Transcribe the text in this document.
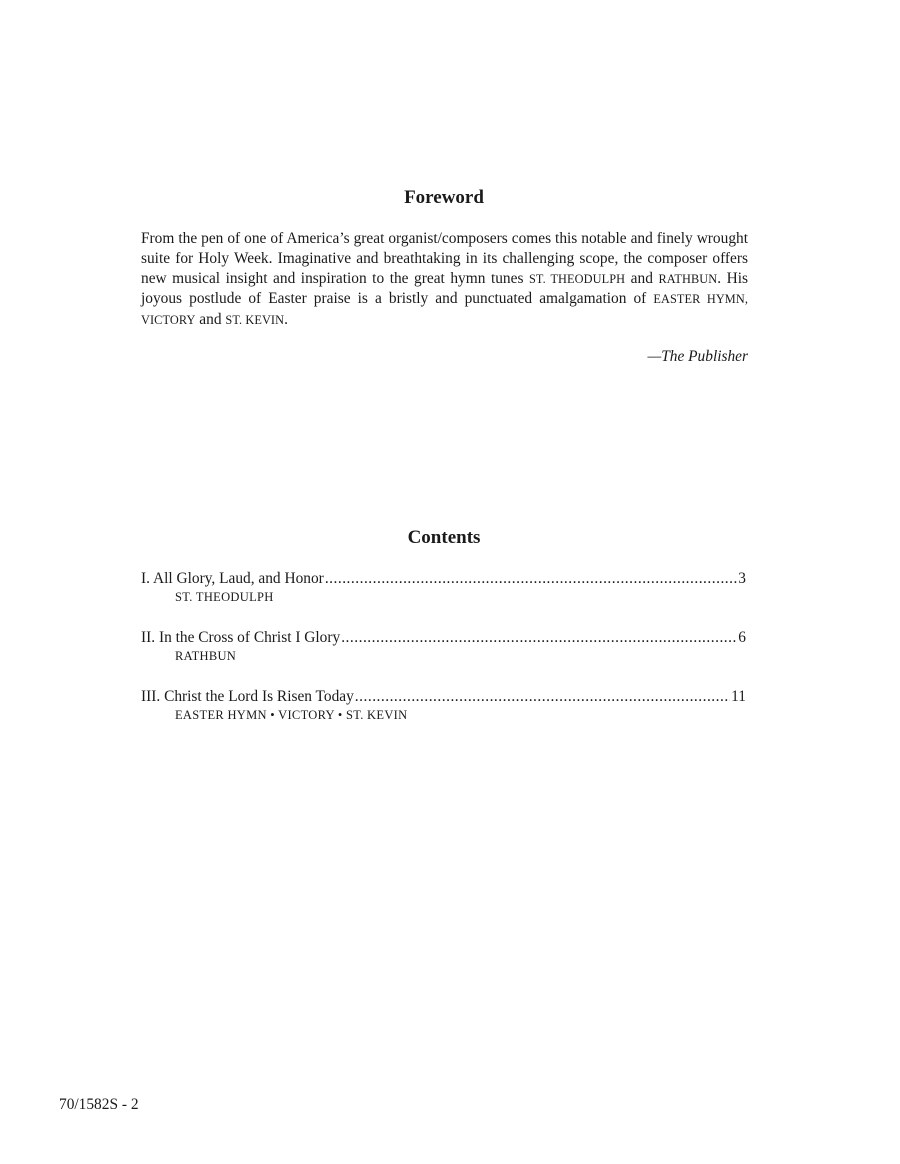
Foreword

From the pen of one of America’s great organist/composers comes this notable and finely wrought suite for Holy Week. Imaginative and breathtaking in its challenging scope, the composer offers new musical insight and inspiration to the great hymn tunes ST. THEODULPH and RATHBUN. His joyous postlude of Easter praise is a bristly and punctuated amalgamation of EASTER HYMN, VICTORY and ST. KEVIN.

—The Publisher
Contents
I. All Glory, Laud, and Honor .....	3
ST. THEODULPH
II. In the Cross of Christ I Glory .....	6
RATHBUN
III. Christ the Lord Is Risen Today .....	11
EASTER HYMN • VICTORY • ST. KEVIN
70/1582S - 2
